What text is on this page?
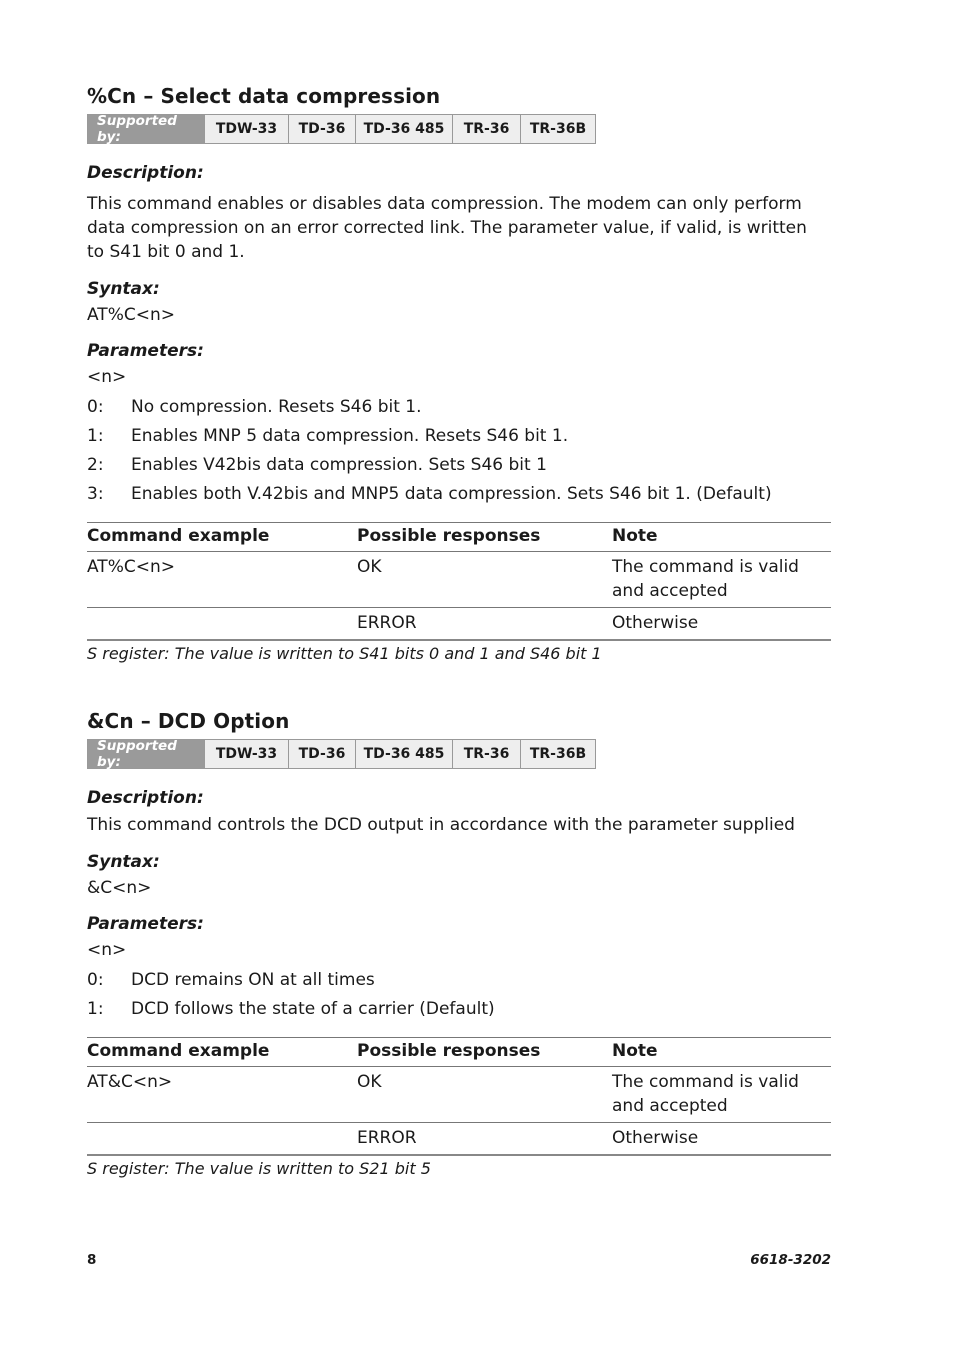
%Cn – Select data compression
Supported by:	TDW-33	TD-36	TD-36 485	TR-36	TR-36B

Description:

This command enables or disables data compression. The modem can only perform data compression on an error corrected link. The parameter value, if valid, is written to S41 bit 0 and 1.

Syntax:

AT%C<n>

Parameters:

<n>

0:	No compression. Resets S46 bit 1.
1:	Enables MNP 5 data compression. Resets S46 bit 1.
2:	Enables V42bis data compression. Sets S46 bit 1
3:	Enables both V.42bis and MNP5 data compression. Sets S46 bit 1. (Default)
Command example	Possible responses	Note
AT%C<n>	OK	The command is valid and accepted
	ERROR	Otherwise

S register: The value is written to S41 bits 0 and 1 and S46 bit 1

&Cn – DCD Option
Supported by:	TDW-33	TD-36	TD-36 485	TR-36	TR-36B

Description:

This command controls the DCD output in accordance with the parameter supplied

Syntax:

&C<n>

Parameters:

<n>

0:	DCD remains ON at all times
1:	DCD follows the state of a carrier (Default)
Command example	Possible responses	Note
AT&C<n>	OK	The command is valid and accepted
	ERROR	Otherwise

S register: The value is written to S21 bit 5

8	6618-3202
